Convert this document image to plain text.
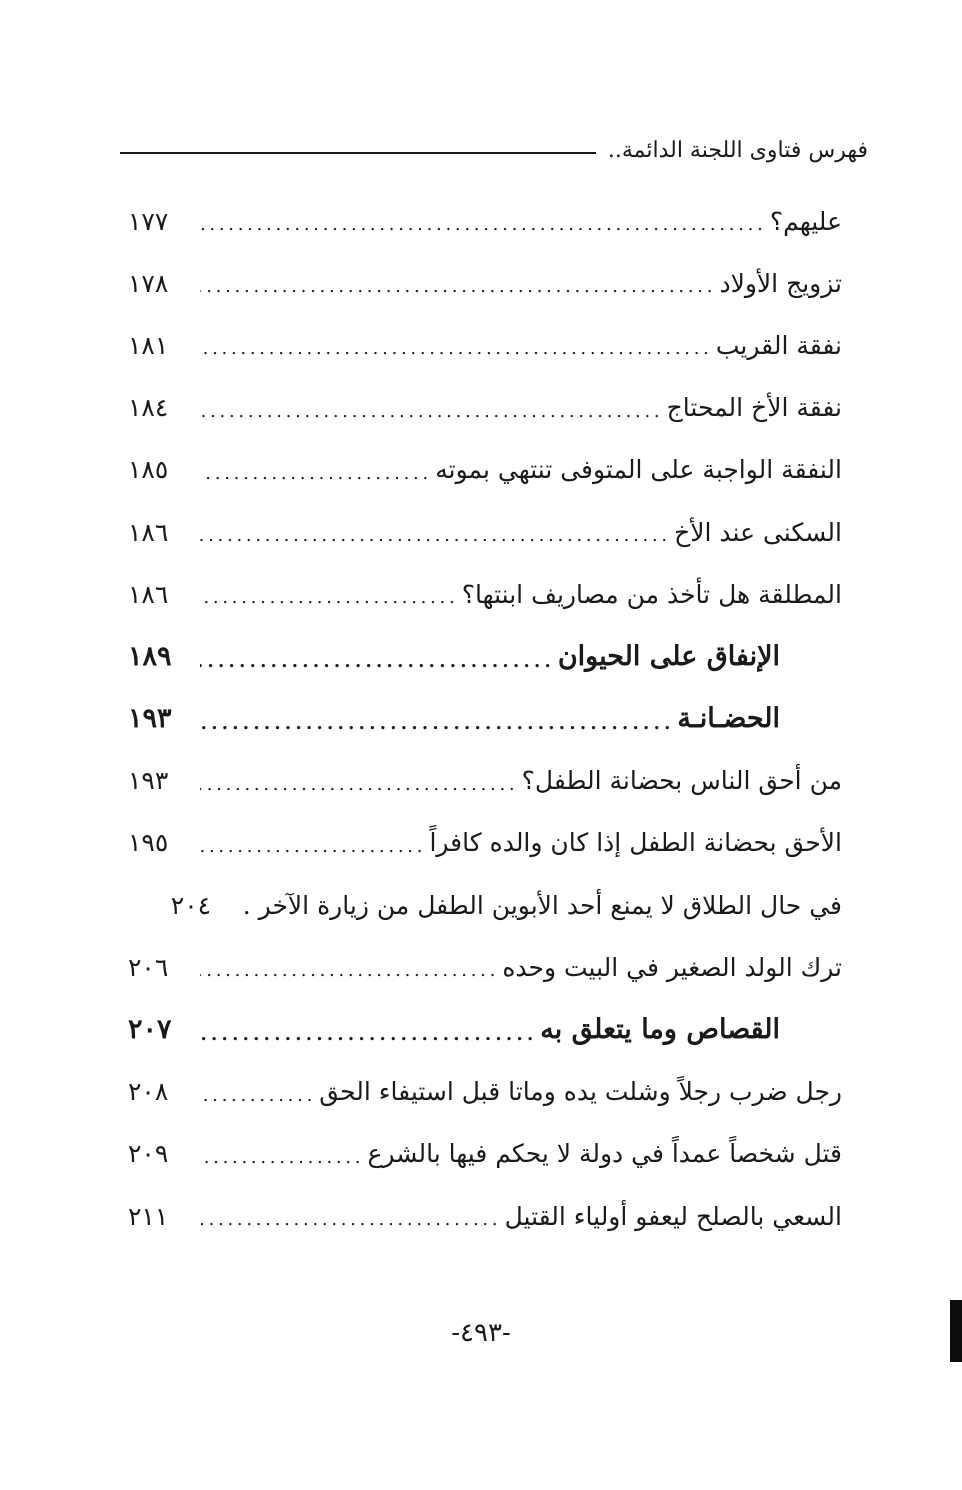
فهرس فتاوى اللجنة الدائمة..
عليهم؟
. . .
١٧٧
تزويج الأولاد
. . .
١٧٨
نفقة القريب
. . .
١٨١
نفقة الأخ المحتاج
. . .
١٨٤
النفقة الواجبة على المتوفى تنتهي بموته
. . .
١٨٥
السكنى عند الأخ
. . .
١٨٦
المطلقة هل تأخذ من مصاريف ابنتها؟
. . .
١٨٦
الإنفاق على الحيوان
. . .
١٨٩
الحضـانـة
. . .
١٩٣
من أحق الناس بحضانة الطفل؟
. . .
١٩٣
الأحق بحضانة الطفل إذا كان والده كافراً
. . .
١٩٥
في حال الطلاق لا يمنع أحد الأبوين الطفل من زيارة الآخر .
٢٠٤
ترك الولد الصغير في البيت وحده
. . .
٢٠٦
القصاص وما يتعلق به
. . .
٢٠٧
رجل ضرب رجلاً وشلت يده وماتا قبل استيفاء الحق
. . .
٢٠٨
قتل شخصاً عمداً في دولة لا يحكم فيها بالشرع
. . .
٢٠٩
السعي بالصلح ليعفو أولياء القتيل
. . .
٢١١
-٤٩٣-
